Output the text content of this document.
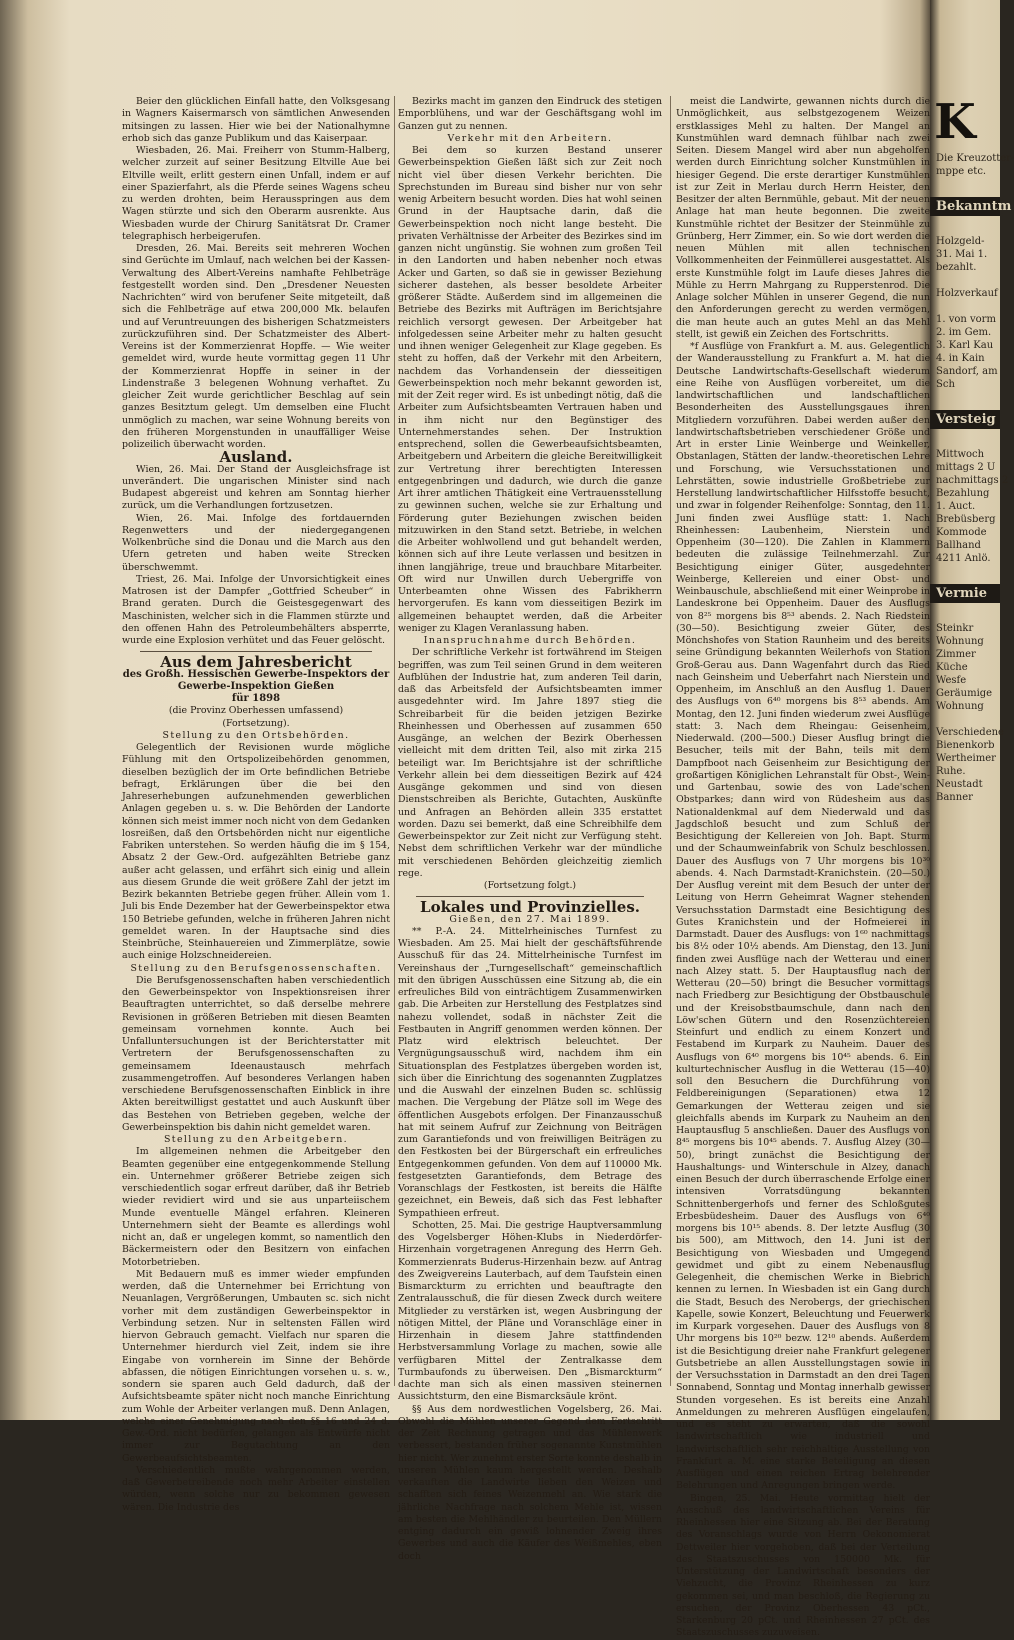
Beier den glücklichen Einfall hatte, den Volksgesang in Wagners Kaisermarsch von sämtlichen Anwesenden mitsingen zu lassen. Hier wie bei der Nationalhymne erhob sich das ganze Publikum und das Kaiserpaar.

Wiesbaden, 26. Mai. Freiherr von Stumm-Halberg, welcher zurzeit auf seiner Besitzung Eltville Aue bei Eltville weilt, erlitt gestern einen Unfall, indem er auf einer Spazierfahrt, als die Pferde seines Wagens scheu zu werden drohten, beim Herausspringen aus dem Wagen stürzte und sich den Oberarm ausrenkte. Aus Wiesbaden wurde der Chirurg Sanitätsrat Dr. Cramer telegraphisch herbeigerufen.

Dresden, 26. Mai. Bereits seit mehreren Wochen sind Gerüchte im Umlauf, nach welchen bei der Kassen-Verwaltung des Albert-Vereins namhafte Fehlbeträge festgestellt worden sind. Den „Dresdener Neuesten Nachrichten“ wird von berufener Seite mitgeteilt, daß sich die Fehlbeträge auf etwa 200,000 Mk. belaufen und auf Veruntreuungen des bisherigen Schatzmeisters zurückzuführen sind. Der Schatzmeister des Albert-Vereins ist der Kommerzienrat Hopffe. — Wie weiter gemeldet wird, wurde heute vormittag gegen 11 Uhr der Kommerzienrat Hopffe in seiner in der Lindenstraße 3 belegenen Wohnung verhaftet. Zu gleicher Zeit wurde gerichtlicher Beschlag auf sein ganzes Besitztum gelegt. Um demselben eine Flucht unmöglich zu machen, war seine Wohnung bereits von den früheren Morgenstunden in unauffälliger Weise polizeilich überwacht worden.

Ausland.

Wien, 26. Mai. Der Stand der Ausgleichsfrage ist unverändert. Die ungarischen Minister sind nach Budapest abgereist und kehren am Sonntag hierher zurück, um die Verhandlungen fortzusetzen.

Wien, 26. Mai. Infolge des fortdauernden Regenwetters und der niedergegangenen Wolkenbrüche sind die Donau und die March aus den Ufern getreten und haben weite Strecken überschwemmt.

Triest, 26. Mai. Infolge der Unvorsichtigkeit eines Matrosen ist der Dampfer „Gottfried Scheuber“ in Brand geraten. Durch die Geistesgegenwart des Maschinisten, welcher sich in die Flammen stürzte und den offenen Hahn des Petroleumbehälters absperrte, wurde eine Explosion verhütet und das Feuer gelöscht.

Aus dem Jahresbericht

des Großh. Hessischen Gewerbe-Inspektors der Gewerbe-Inspektion Gießen

für 1898

(die Provinz Oberhessen umfassend)

(Fortsetzung).

Stellung zu den Ortsbehörden.

Gelegentlich der Revisionen wurde mögliche Fühlung mit den Ortspolizeibehörden genommen, dieselben bezüglich der im Orte befindlichen Betriebe befragt, Erklärungen über die bei den Jahreserhebungen aufzunehmenden gewerblichen Anlagen gegeben u. s. w. Die Behörden der Landorte können sich meist immer noch nicht von dem Gedanken losreißen, daß den Ortsbehörden nicht nur eigentliche Fabriken unterstehen. So werden häufig die im § 154, Absatz 2 der Gew.-Ord. aufgezählten Betriebe ganz außer acht gelassen, und erfährt sich einig und allein aus diesem Grunde die weit größere Zahl der jetzt im Bezirk bekannten Betriebe gegen früher. Allein vom 1. Juli bis Ende Dezember hat der Gewerbeinspektor etwa 150 Betriebe gefunden, welche in früheren Jahren nicht gemeldet waren. In der Hauptsache sind dies Steinbrüche, Steinhauereien und Zimmerplätze, sowie auch einige Holzschneidereien.

Stellung zu den Berufsgenossenschaften.

Die Berufsgenossenschaften haben verschiedentlich den Gewerbeinspektor von Inspektionsreisen ihrer Beauftragten unterrichtet, so daß derselbe mehrere Revisionen in größeren Betrieben mit diesen Beamten gemeinsam vornehmen konnte. Auch bei Unfalluntersuchungen ist der Berichterstatter mit Vertretern der Berufsgenossenschaften zu gemeinsamem Ideenaustausch mehrfach zusammengetroffen. Auf besonderes Verlangen haben verschiedene Berufsgenossenschaften Einblick in ihre Akten bereitwilligst gestattet und auch Auskunft über das Bestehen von Betrieben gegeben, welche der Gewerbeinspektion bis dahin nicht gemeldet waren.

Stellung zu den Arbeitgebern.

Im allgemeinen nehmen die Arbeitgeber den Beamten gegenüber eine entgegenkommende Stellung ein. Unternehmer größerer Betriebe zeigen sich verschiedentlich sogar erfreut darüber, daß ihr Betrieb wieder revidiert wird und sie aus unparteiischem Munde eventuelle Mängel erfahren. Kleineren Unternehmern sieht der Beamte es allerdings wohl nicht an, daß er ungelegen kommt, so namentlich den Bäckermeistern oder den Besitzern von einfachen Motorbetrieben.

Mit Bedauern muß es immer wieder empfunden werden, daß die Unternehmer bei Errichtung von Neuanlagen, Vergrößerungen, Umbauten sc. sich nicht vorher mit dem zuständigen Gewerbeinspektor in Verbindung setzen. Nur in seltensten Fällen wird hiervon Gebrauch gemacht. Vielfach nur sparen die Unternehmer hierdurch viel Zeit, indem sie ihre Eingabe von vornherein im Sinne der Behörde abfassen, die nötigen Einrichtungen vorsehen u. s. w., sondern sie sparen auch Geld dadurch, daß der Aufsichtsbeamte später nicht noch manche Einrichtung zum Wohle der Arbeiter verlangen muß. Denn Anlagen, welche einer Genehmigung nach den §§ 16 und 24 d. Gew.-Ord. nicht bedürfen, gelangen als Entwürfe nicht immer zur Begutachtung an den Gewerbeaufsichtsbeamten.

Verschiedentlich mußte wahrgenommen werden, daß Gewerbetreibende noch mehr Arbeiter einstellen würden, wenn solche nur zu bekommen gewesen wären. Die Industrie des

Bezirks macht im ganzen den Eindruck des stetigen Emporblühens, und war der Geschäftsgang wohl im Ganzen gut zu nennen.

Verkehr mit den Arbeitern.

Bei dem so kurzen Bestand unserer Gewerbeinspektion Gießen läßt sich zur Zeit noch nicht viel über diesen Verkehr berichten. Die Sprechstunden im Bureau sind bisher nur von sehr wenig Arbeitern besucht worden. Dies hat wohl seinen Grund in der Hauptsache darin, daß die Gewerbeinspektion noch nicht lange besteht. Die privaten Verhältnisse der Arbeiter des Bezirkes sind im ganzen nicht ungünstig. Sie wohnen zum großen Teil in den Landorten und haben nebenher noch etwas Acker und Garten, so daß sie in gewisser Beziehung sicherer dastehen, als besser besoldete Arbeiter größerer Städte. Außerdem sind im allgemeinen die Betriebe des Bezirks mit Aufträgen im Berichtsjahre reichlich versorgt gewesen. Der Arbeitgeber hat infolgedessen seine Arbeiter mehr zu halten gesucht und ihnen weniger Gelegenheit zur Klage gegeben. Es steht zu hoffen, daß der Verkehr mit den Arbeitern, nachdem das Vorhandensein der diesseitigen Gewerbeinspektion noch mehr bekannt geworden ist, mit der Zeit reger wird. Es ist unbedingt nötig, daß die Arbeiter zum Aufsichtsbeamten Vertrauen haben und in ihm nicht nur den Begünstiger des Unternehmerstandes sehen. Der Instruktion entsprechend, sollen die Gewerbeaufsichtsbeamten, Arbeitgebern und Arbeitern die gleiche Bereitwilligkeit zur Vertretung ihrer berechtigten Interessen entgegenbringen und dadurch, wie durch die ganze Art ihrer amtlichen Thätigkeit eine Vertrauensstellung zu gewinnen suchen, welche sie zur Erhaltung und Förderung guter Beziehungen zwischen beiden mitzuwirken in den Stand setzt. Betriebe, in welchen die Arbeiter wohlwollend und gut behandelt werden, können sich auf ihre Leute verlassen und besitzen in ihnen langjährige, treue und brauchbare Mitarbeiter. Oft wird nur Unwillen durch Uebergriffe von Unterbeamten ohne Wissen des Fabrikherrn hervorgerufen. Es kann vom diesseitigen Bezirk im allgemeinen behauptet werden, daß die Arbeiter weniger zu Klagen Veranlassung haben.

Inanspruchnahme durch Behörden.

Der schriftliche Verkehr ist fortwährend im Steigen begriffen, was zum Teil seinen Grund in dem weiteren Aufblühen der Industrie hat, zum anderen Teil darin, daß das Arbeitsfeld der Aufsichtsbeamten immer ausgedehnter wird. Im Jahre 1897 stieg die Schreibarbeit für die beiden jetzigen Bezirke Rheinhessen und Oberhessen auf zusammen 650 Ausgänge, an welchen der Bezirk Oberhessen vielleicht mit dem dritten Teil, also mit zirka 215 beteiligt war. Im Berichtsjahre ist der schriftliche Verkehr allein bei dem diesseitigen Bezirk auf 424 Ausgänge gekommen und sind von diesen Dienstschreiben als Berichte, Gutachten, Auskünfte und Anfragen an Behörden allein 335 erstattet worden. Dazu sei bemerkt, daß eine Schreibhilfe dem Gewerbeinspektor zur Zeit nicht zur Verfügung steht. Nebst dem schriftlichen Verkehr war der mündliche mit verschiedenen Behörden gleichzeitig ziemlich rege.

(Fortsetzung folgt.)

Lokales und Provinzielles.

Gießen, den 27. Mai 1899.

** P.-A. 24. Mittelrheinisches Turnfest zu Wiesbaden. Am 25. Mai hielt der geschäftsführende Ausschuß für das 24. Mittelrheinische Turnfest im Vereinshaus der „Turngesellschaft“ gemeinschaftlich mit den übrigen Ausschüssen eine Sitzung ab, die ein erfreuliches Bild von einträchtigem Zusammenwirken gab. Die Arbeiten zur Herstellung des Festplatzes sind nahezu vollendet, sodaß in nächster Zeit die Festbauten in Angriff genommen werden können. Der Platz wird elektrisch beleuchtet. Der Vergnügungsausschuß wird, nachdem ihm ein Situationsplan des Festplatzes übergeben worden ist, sich über die Einrichtung des sogenannten Zugplatzes und die Auswahl der einzelnen Buden sc. schlüssig machen. Die Vergebung der Plätze soll im Wege des öffentlichen Ausgebots erfolgen. Der Finanzausschuß hat mit seinem Aufruf zur Zeichnung von Beiträgen zum Garantiefonds und von freiwilligen Beiträgen zu den Festkosten bei der Bürgerschaft ein erfreuliches Entgegenkommen gefunden. Von dem auf 110000 Mk. festgesetzten Garantiefonds, dem Betrage des Voranschlags der Festkosten, ist bereits die Hälfte gezeichnet, ein Beweis, daß sich das Fest lebhafter Sympathieen erfreut.

Schotten, 25. Mai. Die gestrige Hauptversammlung des Vogelsberger Höhen-Klubs in Niederdörfer-Hirzenhain vorgetragenen Anregung des Herrn Geh. Kommerzienrats Buderus-Hirzenhain bezw. auf Antrag des Zweigvereins Lauterbach, auf dem Taufstein einen Bismarckturm zu errichten und beauftragte den Zentralausschuß, die für diesen Zweck durch weitere Mitglieder zu verstärken ist, wegen Ausbringung der nötigen Mittel, der Pläne und Voranschläge einer in Hirzenhain in diesem Jahre stattfindenden Herbstversammlung Vorlage zu machen, sowie alle verfügbaren Mittel der Zentralkasse dem Turmbaufonds zu überweisen. Den „Bismarckturm“ dachte man sich als einen massiven steinernen Aussichtsturm, den eine Bismarcksäule krönt.

§§ Aus dem nordwestlichen Vogelsberg, 26. Mai. Obwohl die Mühlen unserer Gegend dem Fortschritt der Zeit Rechnung getragen und das Mühlenwerk verbessert, bestanden früher sogenannte Kunstmühlen hier nicht. Wer zunehmt erster Sorte konnte deshalb in unseren Mühlen kaum hergestellt werden. Deshalb verkauften die Landwirte lieben den Weizen und schafften sich feines Weizenmehl an. Wie stark die jährliche Nachfrage nach solchem Mehle ist, wissen am besten die Mehlhändler zu beurteilen. Den Müllern entging dadurch ein gewiß lohnender Zweig ihres Gewerbes und auch die Käufer des Weißmehles, eben doch

meist die Landwirte, gewannen nichts durch die Unmöglichkeit, aus selbstgezogenem Weizen erstklassiges Mehl zu halten. Der Mangel an Kunstmühlen ward demnach fühlbar nach zwei Seiten. Diesem Mangel wird aber nun abgeholfen werden durch Einrichtung solcher Kunstmühlen in hiesiger Gegend. Die erste derartiger Kunstmühlen ist zur Zeit in Merlau durch Herrn Heister, den Besitzer der alten Bernmühle, gebaut. Mit der neuen Anlage hat man heute begonnen. Die zweite Kunstmühle richtet der Besitzer der Steinmühle zu Grünberg, Herr Zimmer, ein. So wie dort werden die neuen Mühlen mit allen technischen Vollkommenheiten der Feinmüllerei ausgestattet. Als erste Kunstmühle folgt im Laufe dieses Jahres die Mühle zu Herrn Mahrgang zu Rupperstenrod. Die Anlage solcher Mühlen in unserer Gegend, die nun den Anforderungen gerecht zu werden vermögen, die man heute auch an gutes Mehl an das Mehl stellt, ist gewiß ein Zeichen des Fortschritts.

*f Ausflüge von Frankfurt a. M. aus. Gelegentlich der Wanderausstellung zu Frankfurt a. M. hat die Deutsche Landwirtschafts-Gesellschaft wiederum eine Reihe von Ausflügen vorbereitet, um die landwirtschaftlichen und landschaftlichen Besonderheiten des Ausstellungsgaues ihren Mitgliedern vorzuführen. Dabei werden außer den landwirtschaftsbetrieben verschiedener Größe und Art in erster Linie Weinberge und Weinkeller, Obstanlagen, Stätten der landw.-theoretischen Lehre und Forschung, wie Versuchsstationen und Lehrstätten, sowie industrielle Großbetriebe zur Herstellung landwirtschaftlicher Hilfsstoffe besucht, und zwar in folgender Reihenfolge: Sonntag, den 11. Juni finden zwei Ausflüge statt: 1. Nach Rheinhessen: Laubenheim, Nierstein und Oppenheim (30—120). Die Zahlen in Klammern bedeuten die zulässige Teilnehmerzahl. Zur Besichtigung einiger Güter, ausgedehnter Weinberge, Kellereien und einer Obst- und Weinbauschule, abschließend mit einer Weinprobe in Landeskrone bei Oppenheim. Dauer des Ausflugs von 8²⁵ morgens bis 8⁵³ abends. 2. Nach Riedstein (30—50). Besichtigung zweier Güter, des Mönchshofes von Station Raunheim und des bereits seine Gründigung bekannten Weilerhofs von Station Groß-Gerau aus. Dann Wagenfahrt durch das Ried nach Geinsheim und Ueberfahrt nach Nierstein und Oppenheim, im Anschluß an den Ausflug 1. Dauer des Ausflugs von 6⁴⁰ morgens bis 8⁵³ abends. Am Montag, den 12. Juni finden wiederum zwei Ausflüge statt: 3. Nach dem Rheingau: Geisenheim, Niederwald. (200—500.) Dieser Ausflug bringt die Besucher, teils mit der Bahn, teils mit dem Dampfboot nach Geisenheim zur Besichtigung der großartigen Königlichen Lehranstalt für Obst-, Wein- und Gartenbau, sowie des von Lade'schen Obstparkes; dann wird von Rüdesheim aus das Nationaldenkmal auf dem Niederwald und das Jagdschloß besucht und zum Schluß der Besichtigung der Kellereien von Joh. Bapt. Sturm und der Schaumweinfabrik von Schulz beschlossen. Dauer des Ausflugs von 7 Uhr morgens bis 10³⁰ abends. 4. Nach Darmstadt-Kranichstein. (20—50.) Der Ausflug vereint mit dem Besuch der unter der Leitung von Herrn Geheimrat Wagner stehenden Versuchsstation Darmstadt eine Besichtigung des Gutes Kranichstein und der Hofmeierei in Darmstadt. Dauer des Ausflugs: von 1⁶⁰ nachmittags bis 8½ oder 10½ abends. Am Dienstag, den 13. Juni finden zwei Ausflüge nach der Wetterau und einer nach Alzey statt. 5. Der Hauptausflug nach der Wetterau (20—50) bringt die Besucher vormittags nach Friedberg zur Besichtigung der Obstbauschule und der Kreisobstbaumschule, dann nach den Löw'schen Gütern und den Rosenzüchtereien Steinfurt und endlich zu einem Konzert und Festabend im Kurpark zu Nauheim. Dauer des Ausflugs von 6⁴⁰ morgens bis 10⁴⁵ abends. 6. Ein kulturtechnischer Ausflug in die Wetterau (15—40) soll den Besuchern die Durchführung von Feldbereinigungen (Separationen) etwa 12 Gemarkungen der Wetterau zeigen und sie gleichfalls abends im Kurpark zu Nauheim an den Hauptausflug 5 anschließen. Dauer des Ausflugs von 8⁴⁵ morgens bis 10⁴⁵ abends. 7. Ausflug Alzey (30—50), bringt zunächst die Besichtigung der Haushaltungs- und Winterschule in Alzey, danach einen Besuch der durch überraschende Erfolge einer intensiven Vorratsdüngung bekannten Schnittenbergerhofs und ferner des Schloßgutes Erbesbüdesheim. Dauer des Ausflugs von 6⁴⁰ morgens bis 10¹⁵ abends. 8. Der letzte Ausflug (30 bis 500), am Mittwoch, den 14. Juni ist der Besichtigung von Wiesbaden und Umgegend gewidmet und gibt zu einem Nebenausflug Gelegenheit, die chemischen Werke in Biebrich kennen zu lernen. In Wiesbaden ist ein Gang durch die Stadt, Besuch des Nerobergs, der griechischen Kapelle, sowie Konzert, Beleuchtung und Feuerwerk im Kurpark vorgesehen. Dauer des Ausflugs von 8 Uhr morgens bis 10²⁰ bezw. 12¹⁰ abends. Außerdem ist die Besichtigung dreier nahe Frankfurt gelegener Gutsbetriebe an allen Ausstellungstagen sowie in der Versuchsstation in Darmstadt an den drei Tagen Sonnabend, Sonntag und Montag innerhalb gewisser Stunden vorgesehen. Es ist bereits eine Anzahl Anmeldungen zu mehreren Ausflügen eingelaufen, und es steht zu erwarten, daß die sowohl landwirtschaftlich wie industriell und landwirtschaftlich sehr reichhaltige Ausstellung von Frankfurt a. M. eine starke Beteiligung an diesen Ausflügen und einen reichen Ertrag belehrender Belehrungen und Anregungen bringen werde.

Bingen, 25. Mai. Heute vormittag hielt der Ausschuß des landwirtschaftlichen Vereins für Rheinhessen hier eine Sitzung ab. Bei der Beratung des Voranschlags wurde von Herrn Oekonomierat Dettweiler hier vorgehoben, daß bei der Verteilung des Staatszuschusses von 150000 Mk. für Unterstützung der Landwirtschaft besonders der Viehzucht, die Provinz Rheinhessen zu kurz gekommen sei, und man beschloß, die Regierung zu ersuchen, der Provinz Oberhessen 43 pCt., Starkenburg 20 pCt. und Rheinhessen 27 pCt. des Staatszuschusses zuzuweisen.

K
Die Kreuzotter-
mppe etc.

Bekanntm

Holzgeld-
31. Mai 1.
bezahlt.

Holzverkauf

1. von vorm
2. im Gem.
3. Karl Kau
4. in Kain
Sandorf, am
Sch

Versteig

Mittwoch
mittags 2 U
nachmittags 2
Bezahlung
1. Auct.
Brebüsberg
Kommode
Ballhand
4211 Anlö.

Vermie

Steinkr
Wohnung
Zimmer
Küche
Wesfe
Geräumige
Wohnung

Verschiedene
Bienenkorb
Wertheimer
Ruhe.
Neustadt
Banner
